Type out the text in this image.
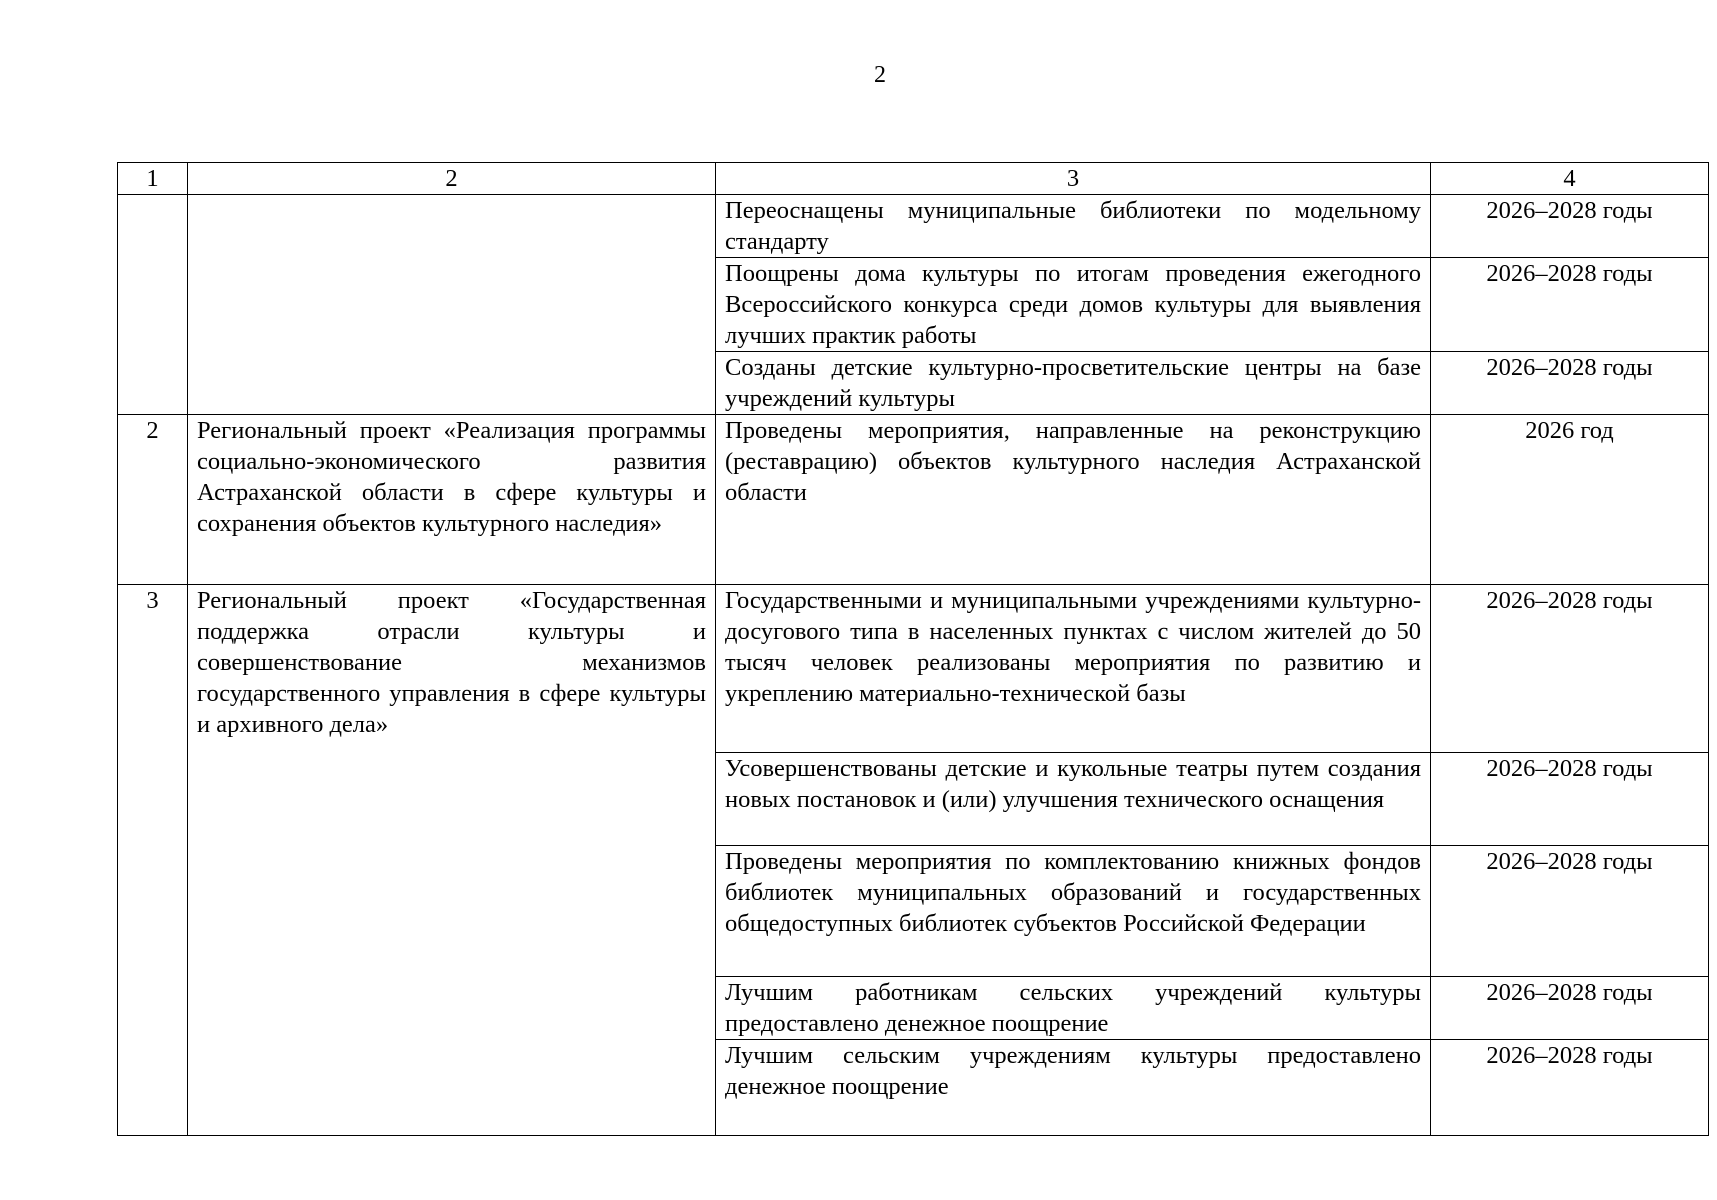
2
1	2	3	4
		Переоснащены муниципальные библиотеки по модельному стандарту	2026–2028 годы
		Поощрены дома культуры по итогам проведения ежегодного Всероссийского конкурса среди домов культуры для выявления лучших практик работы	2026–2028 годы
		Созданы детские культурно-просветительские центры на базе учреждений культуры	2026–2028 годы
2	Региональный проект «Реализация программы социально-экономического развития Астраханской области в сфере культуры и сохранения объектов культурного наследия»	Проведены мероприятия, направленные на реконструкцию (реставрацию) объектов культурного наследия Астраханской области	2026 год
3	Региональный проект «Государственная поддержка отрасли культуры и совершенствование механизмов государственного управления в сфере культуры и архивного дела»	Государственными и муниципальными учреждениями культурно-досугового типа в населенных пунктах с числом жителей до 50 тысяч человек реализованы мероприятия по развитию и укреплению материально-технической базы	2026–2028 годы
		Усовершенствованы детские и кукольные театры путем создания новых постановок и (или) улучшения технического оснащения	2026–2028 годы
		Проведены мероприятия по комплектованию книжных фондов библиотек муниципальных образований и государственных общедоступных библиотек субъектов Российской Федерации	2026–2028 годы
		Лучшим работникам сельских учреждений культуры предоставлено денежное поощрение	2026–2028 годы
		Лучшим сельским учреждениям культуры предоставлено денежное поощрение	2026–2028 годы
